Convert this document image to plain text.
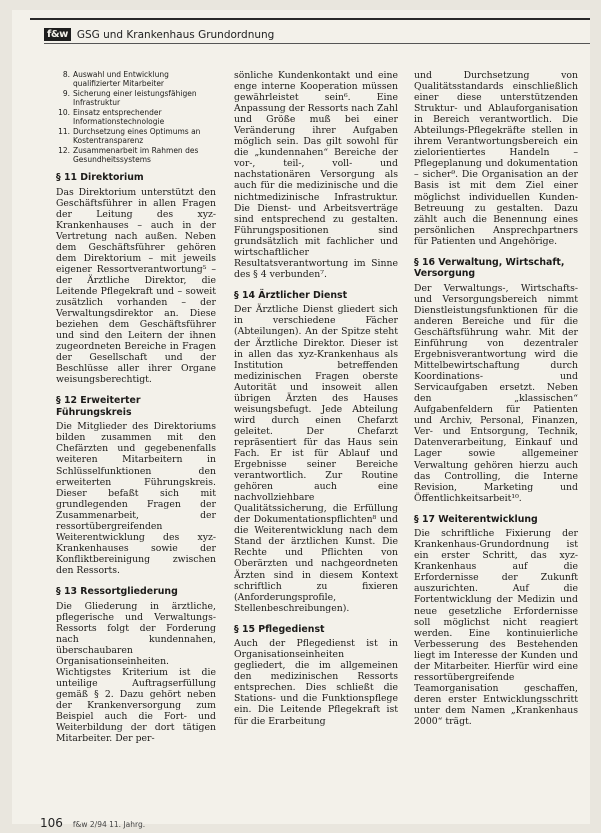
f&w GSG und Krankenhaus Grundordnung
8. Auswahl und Entwicklung qualifizierter Mitarbeiter
9. Sicherung einer leistungsfähigen Infrastruktur
10. Einsatz entsprechender Informationstechnologie
11. Durchsetzung eines Optimums an Kostentransparenz
12. Zusammenarbeit im Rahmen des Gesundheitssystems
§ 11 Direktorium

Das Direktorium unterstützt den Geschäftsführer in allen Fragen der Leitung des xyz-Krankenhauses – auch in der Vertretung nach außen. Neben dem Geschäftsführer gehören dem Direktorium – mit jeweils eigener Ressortverantwortung⁵ – der Ärztliche Direktor, die Leitende Pflegekraft und – soweit zusätzlich vorhanden – der Verwaltungsdirektor an. Diese beziehen dem Geschäftsführer und sind den Leitern der ihnen zugeordneten Bereiche in Fragen der Gesellschaft und der Beschlüsse aller ihrer Organe weisungsberechtigt.

§ 12 Erweiterter Führungskreis

Die Mitglieder des Direktoriums bilden zusammen mit den Chefärzten und gegebenenfalls weiteren Mitarbeitern in Schlüsselfunktionen den erweiterten Führungskreis. Dieser befaßt sich mit grundlegenden Fragen der Zusammenarbeit, der ressortübergreifenden Weiterentwicklung des xyz-Krankenhauses sowie der Konfliktbereinigung zwischen den Ressorts.

§ 13 Ressortgliederung

Die Gliederung in ärztliche, pflegerische und Verwaltungs-Ressorts folgt der Forderung nach kundennahen, überschaubaren Organisationseinheiten. Wichtigstes Kriterium ist die unteilige Auftragserfüllung gemäß § 2. Dazu gehört neben der Krankenversorgung zum Beispiel auch die Fort- und Weiterbildung der dort tätigen Mitarbeiter. Der per-

sönliche Kundenkontakt und eine enge interne Kooperation müssen gewährleistet sein⁶. Eine Anpassung der Ressorts nach Zahl und Größe muß bei einer Veränderung ihrer Aufgaben möglich sein. Das gilt sowohl für die „kundennahen“ Bereiche der vor-, teil-, voll- und nachstationären Versorgung als auch für die medizinische und die nichtmedizinische Infrastruktur. Die Dienst- und Arbeitsverträge sind entsprechend zu gestalten. Führungspositionen sind grundsätzlich mit fachlicher und wirtschaftlicher Resultatsverantwortung im Sinne des § 4 verbunden⁷.

§ 14 Ärztlicher Dienst

Der Ärztliche Dienst gliedert sich in verschiedene Fächer (Abteilungen). An der Spitze steht der Ärztliche Direktor. Dieser ist in allen das xyz-Krankenhaus als Institution betreffenden medizinischen Fragen oberste Autorität und insoweit allen übrigen Ärzten des Hauses weisungsbefugt. Jede Abteilung wird durch einen Chefarzt geleitet. Der Chefarzt repräsentiert für das Haus sein Fach. Er ist für Ablauf und Ergebnisse seiner Bereiche verantwortlich. Zur Routine gehören auch eine nachvollziehbare Qualitätssicherung, die Erfüllung der Dokumentationspflichten⁸ und die Weiterentwicklung nach dem Stand der ärztlichen Kunst. Die Rechte und Pflichten von Oberärzten und nachgeordneten Ärzten sind in diesem Kontext schriftlich zu fixieren (Anforderungsprofile, Stellenbeschreibungen).

§ 15 Pflegedienst

Auch der Pflegedienst ist in Organisationseinheiten gegliedert, die im allgemeinen den medizinischen Ressorts entsprechen. Dies schließt die Stations- und die Funktionspflege ein. Die Leitende Pflegekraft ist für die Erarbeitung

und Durchsetzung von Qualitätsstandards einschließlich einer diese unterstützenden Struktur- und Ablauforganisation in Bereich verantwortlich. Die Abteilungs-Pflegekräfte stellen in ihrem Verantwortungsbereich ein zielorientiertes Handeln – Pflegeplanung und dokumentation – sicher⁹. Die Organisation an der Basis ist mit dem Ziel einer möglichst individuellen Kunden-Betreuung zu gestalten. Dazu zählt auch die Benennung eines persönlichen Ansprechpartners für Patienten und Angehörige.

§ 16 Verwaltung, Wirtschaft, Versorgung

Der Verwaltungs-, Wirtschafts- und Versorgungsbereich nimmt Dienstleistungsfunktionen für die anderen Bereiche und für die Geschäftsführung wahr. Mit der Einführung von dezentraler Ergebnisverantwortung wird die Mittelbewirtschaftung durch Koordinations- und Servicaufgaben ersetzt. Neben den „klassischen“ Aufgabenfeldern für Patienten und Archiv, Personal, Finanzen, Ver- und Entsorgung, Technik, Datenverarbeitung, Einkauf und Lager sowie allgemeiner Verwaltung gehören hierzu auch das Controlling, die Interne Revision, Marketing und Öffentlichkeitsarbeit¹⁰.

§ 17 Weiterentwicklung

Die schriftliche Fixierung der Krankenhaus-Grundordnung ist ein erster Schritt, das xyz-Krankenhaus auf die Erfordernisse der Zukunft auszurichten. Auf die Fortentwicklung der Medizin und neue gesetzliche Erfordernisse soll möglichst nicht reagiert werden. Eine kontinuierliche Verbesserung des Bestehenden liegt im Interesse der Kunden und der Mitarbeiter. Hierfür wird eine ressortübergreifende Teamorganisation geschaffen, deren erster Entwicklungsschritt unter dem Namen „Krankenhaus 2000“ trägt.

106 f&w 2/94 11. Jahrg.
